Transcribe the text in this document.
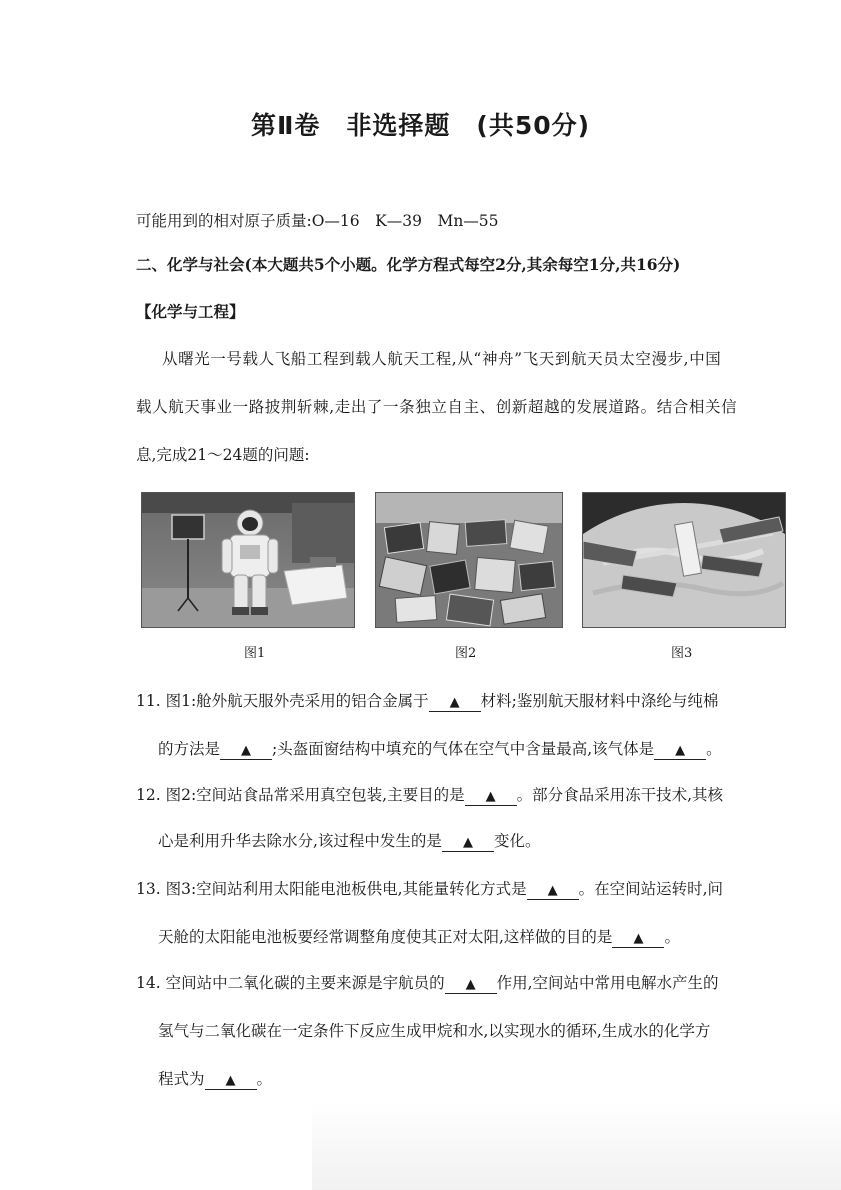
第Ⅱ卷　非选择题　(共50分)
可能用到的相对原子质量:O—16　K—39　Mn—55
二、化学与社会(本大题共5个小题。化学方程式每空2分,其余每空1分,共16分)
【化学与工程】
从曙光一号载人飞船工程到载人航天工程,从“神舟”飞天到航天员太空漫步,中国
载人航天事业一路披荆斩棘,走出了一条独立自主、创新超越的发展道路。结合相关信
息,完成21～24题的问题:
图1	图2	图3
11. 图1:舱外航天服外壳采用的铝合金属于 ▲ 材料;鉴别航天服材料中涤纶与纯棉
的方法是 ▲ ;头盔面窗结构中填充的气体在空气中含量最高,该气体是 ▲ 。
12. 图2:空间站食品常采用真空包装,主要目的是 ▲ 。部分食品采用冻干技术,其核
心是利用升华去除水分,该过程中发生的是 ▲ 变化。
13. 图3:空间站利用太阳能电池板供电,其能量转化方式是 ▲ 。在空间站运转时,问
天舱的太阳能电池板要经常调整角度使其正对太阳,这样做的目的是 ▲ 。
14. 空间站中二氧化碳的主要来源是宇航员的 ▲ 作用,空间站中常用电解水产生的
氢气与二氧化碳在一定条件下反应生成甲烷和水,以实现水的循环,生成水的化学方
程式为 ▲ 。
